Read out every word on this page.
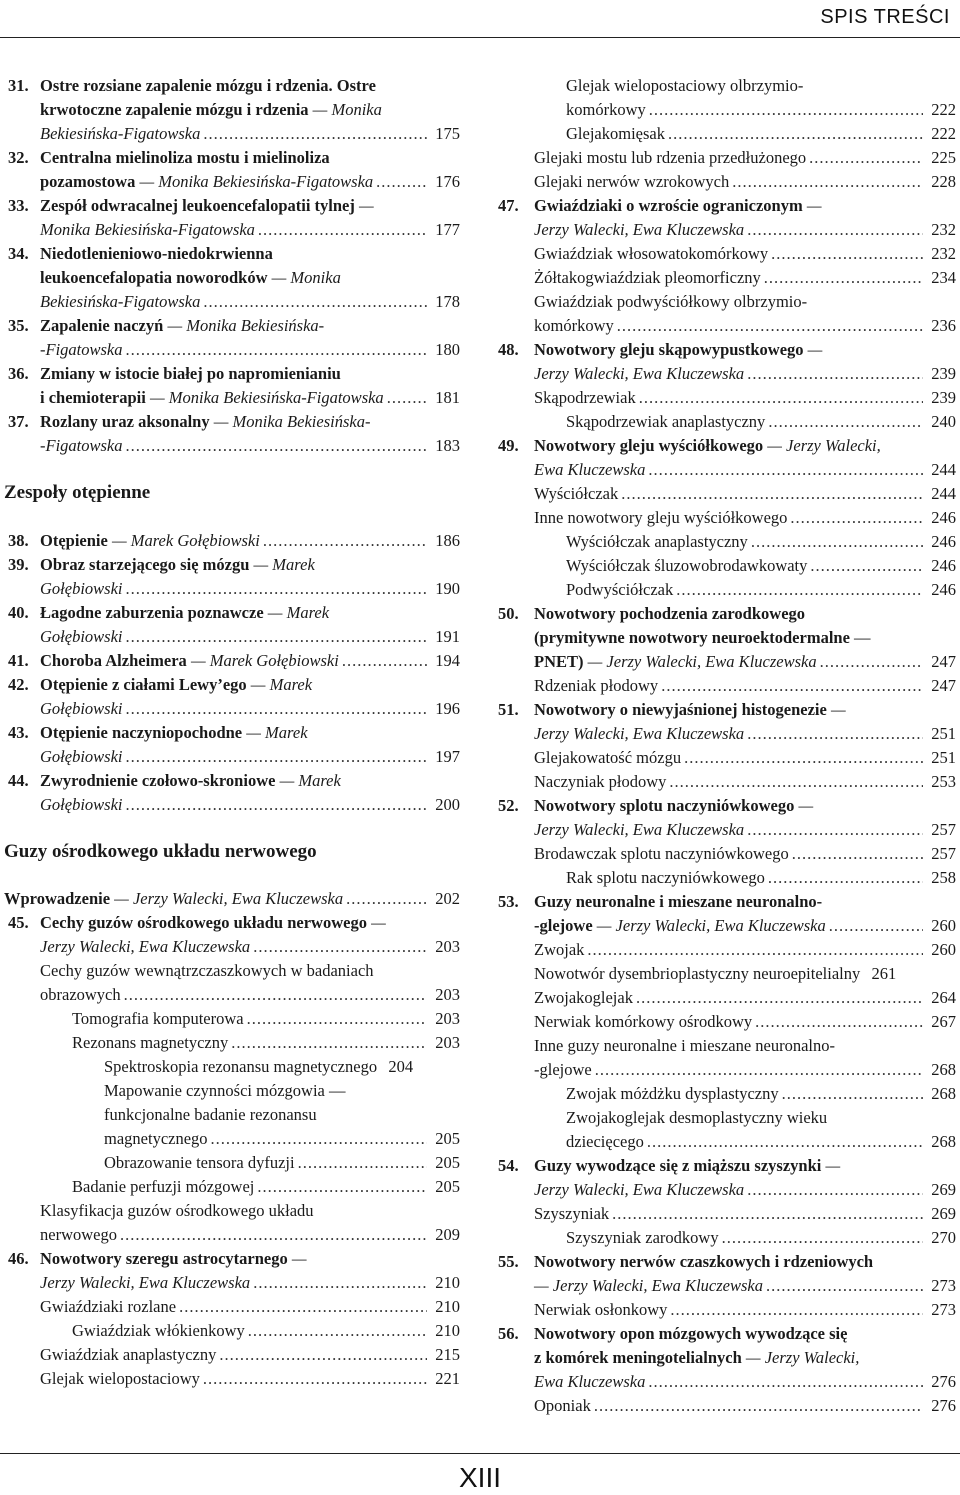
SPIS TREŚCI
31. Ostre rozsiane zapalenie mózgu i rdzenia. Ostre
krwotoczne zapalenie mózgu i rdzenia — Monika
Bekiesińska-Figatowska .....	175
32. Centralna mielinoliza mostu i mielinoliza
pozamostowa — Monika Bekiesińska-Figatowska .....	176
33. Zespół odwracalnej leukoencefalopatii tylnej —
Monika Bekiesińska-Figatowska .....	177
34. Niedotlenieniowo-niedokrwienna
leukoencefalopatia noworodków — Monika
Bekiesińska-Figatowska .....	178
35. Zapalenie naczyń — Monika Bekiesińska-
-Figatowska .....	180
36. Zmiany w istocie białej po napromienianiu
i chemioterapii — Monika Bekiesińska-Figatowska .....	181
37. Rozlany uraz aksonalny — Monika Bekiesińska-
-Figatowska .....	183
Zespoły otępienne
38. Otępienie — Marek Gołębiowski .....	186
39. Obraz starzejącego się mózgu — Marek
Gołębiowski .....	190
40. Łagodne zaburzenia poznawcze — Marek
Gołębiowski .....	191
41. Choroba Alzheimera — Marek Gołębiowski .....	194
42. Otępienie z ciałami Lewy’ego — Marek
Gołębiowski .....	196
43. Otępienie naczyniopochodne — Marek
Gołębiowski .....	197
44. Zwyrodnienie czołowo-skroniowe — Marek
Gołębiowski .....	200
Guzy ośrodkowego układu nerwowego
Wprowadzenie — Jerzy Walecki, Ewa Kluczewska .....	202
45. Cechy guzów ośrodkowego układu nerwowego —
Jerzy Walecki, Ewa Kluczewska .....	203
Cechy guzów wewnątrzczaszkowych w badaniach
obrazowych .....	203
Tomografia komputerowa .....	203
Rezonans magnetyczny .....	203
Spektroskopia rezonansu magnetycznego 204
Mapowanie czynności mózgowia —
funkcjonalne badanie rezonansu
magnetycznego .....	205
Obrazowanie tensora dyfuzji .....	205
Badanie perfuzji mózgowej .....	205
Klasyfikacja guzów ośrodkowego układu
nerwowego .....	209
46. Nowotwory szeregu astrocytarnego —
Jerzy Walecki, Ewa Kluczewska .....	210
Gwiaździaki rozlane .....	210
Gwiaździak włókienkowy .....	210
Gwiaździak anaplastyczny .....	215
Glejak wielopostaciowy .....	221
Glejak wielopostaciowy olbrzymio-
komórkowy .....	222
Glejakomięsak .....	222
Glejaki mostu lub rdzenia przedłużonego .....	225
Glejaki nerwów wzrokowych .....	228
47. Gwiaździaki o wzroście ograniczonym —
Jerzy Walecki, Ewa Kluczewska .....	232
Gwiaździak włosowatokomórkowy .....	232
Żółtakogwiaździak pleomorficzny .....	234
Gwiaździak podwyściółkowy olbrzymio-
komórkowy .....	236
48. Nowotwory gleju skąpowypustkowego —
Jerzy Walecki, Ewa Kluczewska .....	239
Skąpodrzewiak .....	239
Skąpodrzewiak anaplastyczny .....	240
49. Nowotwory gleju wyściółkowego — Jerzy Walecki,
Ewa Kluczewska .....	244
Wyściółczak .....	244
Inne nowotwory gleju wyściółkowego .....	246
Wyściółczak anaplastyczny .....	246
Wyściółczak śluzowobrodawkowaty .....	246
Podwyściółczak .....	246
50. Nowotwory pochodzenia zarodkowego
(prymitywne nowotwory neuroektodermalne —
PNET) — Jerzy Walecki, Ewa Kluczewska .....	247
Rdzeniak płodowy .....	247
51. Nowotwory o niewyjaśnionej histogenezie —
Jerzy Walecki, Ewa Kluczewska .....	251
Glejakowatość mózgu .....	251
Naczyniak płodowy .....	253
52. Nowotwory splotu naczyniówkowego —
Jerzy Walecki, Ewa Kluczewska .....	257
Brodawczak splotu naczyniówkowego .....	257
Rak splotu naczyniówkowego .....	258
53. Guzy neuronalne i mieszane neuronalno-
-glejowe — Jerzy Walecki, Ewa Kluczewska .....	260
Zwojak .....	260
Nowotwór dysembrioplastyczny neuroepitelialny 261
Zwojakoglejak .....	264
Nerwiak komórkowy ośrodkowy .....	267
Inne guzy neuronalne i mieszane neuronalno-
-glejowe .....	268
Zwojak móżdżku dysplastyczny .....	268
Zwojakoglejak desmoplastyczny wieku
dziecięcego .....	268
54. Guzy wywodzące się z miąższu szyszynki —
Jerzy Walecki, Ewa Kluczewska .....	269
Szyszyniak .....	269
Szyszyniak zarodkowy .....	270
55. Nowotwory nerwów czaszkowych i rdzeniowych
— Jerzy Walecki, Ewa Kluczewska .....	273
Nerwiak osłonkowy .....	273
56. Nowotwory opon mózgowych wywodzące się
z komórek meningotelialnych — Jerzy Walecki,
Ewa Kluczewska .....	276
Oponiak .....	276
XIII
